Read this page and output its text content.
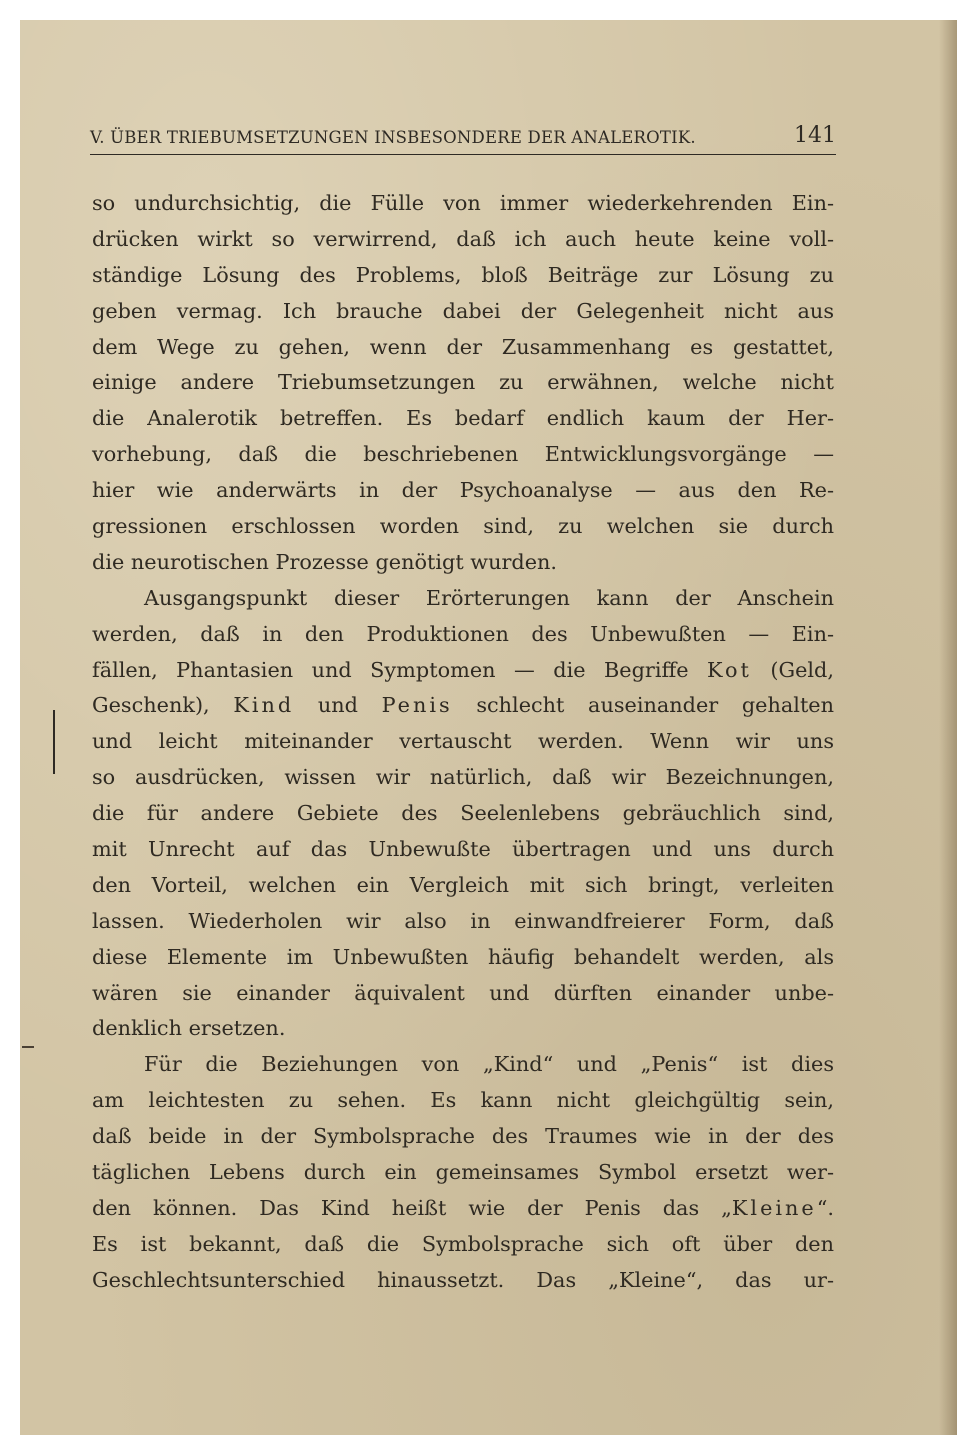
V. ÜBER TRIEBUMSETZUNGEN INSBESONDERE DER ANALEROTIK.	141
so undurchsichtig, die Fülle von immer wiederkehrenden Ein-
drücken wirkt so verwirrend, daß ich auch heute keine voll-
ständige Lösung des Problems, bloß Beiträge zur Lösung zu
geben vermag. Ich brauche dabei der Gelegenheit nicht aus
dem Wege zu gehen, wenn der Zusammenhang es gestattet,
einige andere Triebumsetzungen zu erwähnen, welche nicht
die Analerotik betreffen. Es bedarf endlich kaum der Her-
vorhebung, daß die beschriebenen Entwicklungsvorgänge —
hier wie anderwärts in der Psychoanalyse — aus den Re-
gressionen erschlossen worden sind, zu welchen sie durch
die neurotischen Prozesse genötigt wurden.
Ausgangspunkt dieser Erörterungen kann der Anschein
werden, daß in den Produktionen des Unbewußten — Ein-
fällen, Phantasien und Symptomen — die Begriffe Kot (Geld,
Geschenk), Kind und Penis schlecht auseinander gehalten
und leicht miteinander vertauscht werden. Wenn wir uns
so ausdrücken, wissen wir natürlich, daß wir Bezeichnungen,
die für andere Gebiete des Seelenlebens gebräuchlich sind,
mit Unrecht auf das Unbewußte übertragen und uns durch
den Vorteil, welchen ein Vergleich mit sich bringt, verleiten
lassen. Wiederholen wir also in einwandfreierer Form, daß
diese Elemente im Unbewußten häufig behandelt werden, als
wären sie einander äquivalent und dürften einander unbe-
denklich ersetzen.
Für die Beziehungen von „Kind“ und „Penis“ ist dies
am leichtesten zu sehen. Es kann nicht gleichgültig sein,
daß beide in der Symbolsprache des Traumes wie in der des
täglichen Lebens durch ein gemeinsames Symbol ersetzt wer-
den können. Das Kind heißt wie der Penis das „Kleine“.
Es ist bekannt, daß die Symbolsprache sich oft über den
Geschlechtsunterschied hinaussetzt. Das „Kleine“, das ur-
